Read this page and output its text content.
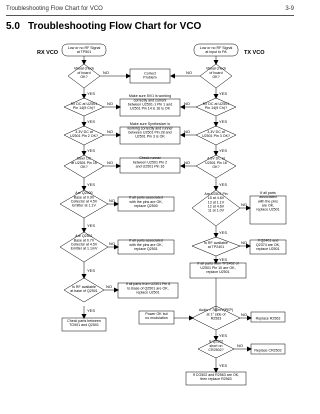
Troubleshooting Flow Chart for VCO	3-9
5.0 Troubleshooting Flow Chart for VCO
RX VCO	TX VCO
NO	NO
YES	YES
NO	NO
YES	YES
NO	NO
YES	YES
NO	NO
YES	YES
NO
NO
YES
YES
NO	NO
YES
YES
NO
YES
NO
YES
NO
YES
Low or no RF Signal at TP501
Low or no RF Signal at input to PA
Visual check of board OK?
Visual check of board OK?
Correct Problem
5V DC at U2501 Pin 14(9 Ch)?
5V DC at U2501 Pin 14(9 Ch)?
Make sure 5V/1 is working correctly and current between U2501-1 Pin 1 and U2501 Pin 14 & 16 is OK
3.3V DC at U2501 Pin 2 OK?
3.3V DC at U2501 Pin 3 OK?
Make sure Synthesizer is working correctly and runner between U2501 Pin 28 and U2501 Pin 3 is OK
Steer DC at U2501 Pin 16 OK?
4.5V DC at U2501 Pin 16 OK?
Check runner between U2501 Pin 2 and U2501 Pin 16
Are Q2500 Base at 0.9V Collector at 4.5V Emitter at 1.1V
Are U2501 Pin 15 at 4.6V 13 at 1.1V 12 at 4.6V 11 at 1.0V
If all parts associated with the pins are OK, replace U2501
If all parts associated with the pins are OK, replace Q2500
Are Q2501 Base at 0.7V Collector at 4.5V Emitter at 1.1mV
If all parts associated with the pins are OK, replace Q2501
Is RF available at TP2401
If Q2401 and Q2374 are OK, replace U2501
Is RF available at base of Q2501
If all parts from U2501 Pin 8 to Base of Q2501 are OK, replace U2501
If all parts from TP2402 of U2501 Pin 10 are OK, replace U2501
Check parts between TG901 and Q2501
Power OK but no modulation
Audio > 780mV(PEP) at 1° side of R2563	Replace R2563
Is Q2502 short on CR2502?	Replace CR2502
If CG502 and R2563 are OK, then replace R2563
